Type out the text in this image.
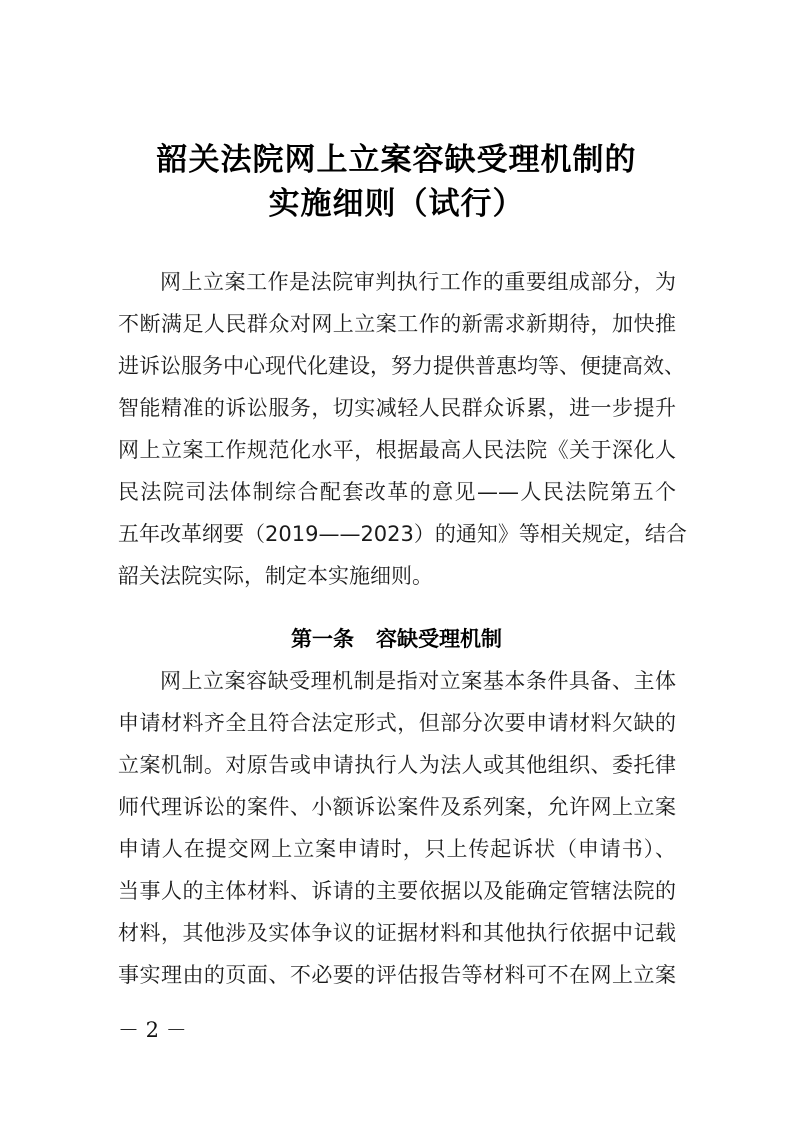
韶关法院网上立案容缺受理机制的
实施细则（试行）
网上立案工作是法院审判执行工作的重要组成部分，为
不断满足人民群众对网上立案工作的新需求新期待，加快推
进诉讼服务中心现代化建设，努力提供普惠均等、便捷高效、
智能精准的诉讼服务，切实减轻人民群众诉累，进一步提升
网上立案工作规范化水平，根据最高人民法院《关于深化人
民法院司法体制综合配套改革的意见——人民法院第五个
五年改革纲要（2019——2023）的通知》等相关规定，结合
韶关法院实际，制定本实施细则。
第一条 容缺受理机制
网上立案容缺受理机制是指对立案基本条件具备、主体
申请材料齐全且符合法定形式，但部分次要申请材料欠缺的
立案机制。对原告或申请执行人为法人或其他组织、委托律
师代理诉讼的案件、小额诉讼案件及系列案，允许网上立案
申请人在提交网上立案申请时，只上传起诉状（申请书）、
当事人的主体材料、诉请的主要依据以及能确定管辖法院的
材料，其他涉及实体争议的证据材料和其他执行依据中记载
事实理由的页面、不必要的评估报告等材料可不在网上立案
－ 2 －
